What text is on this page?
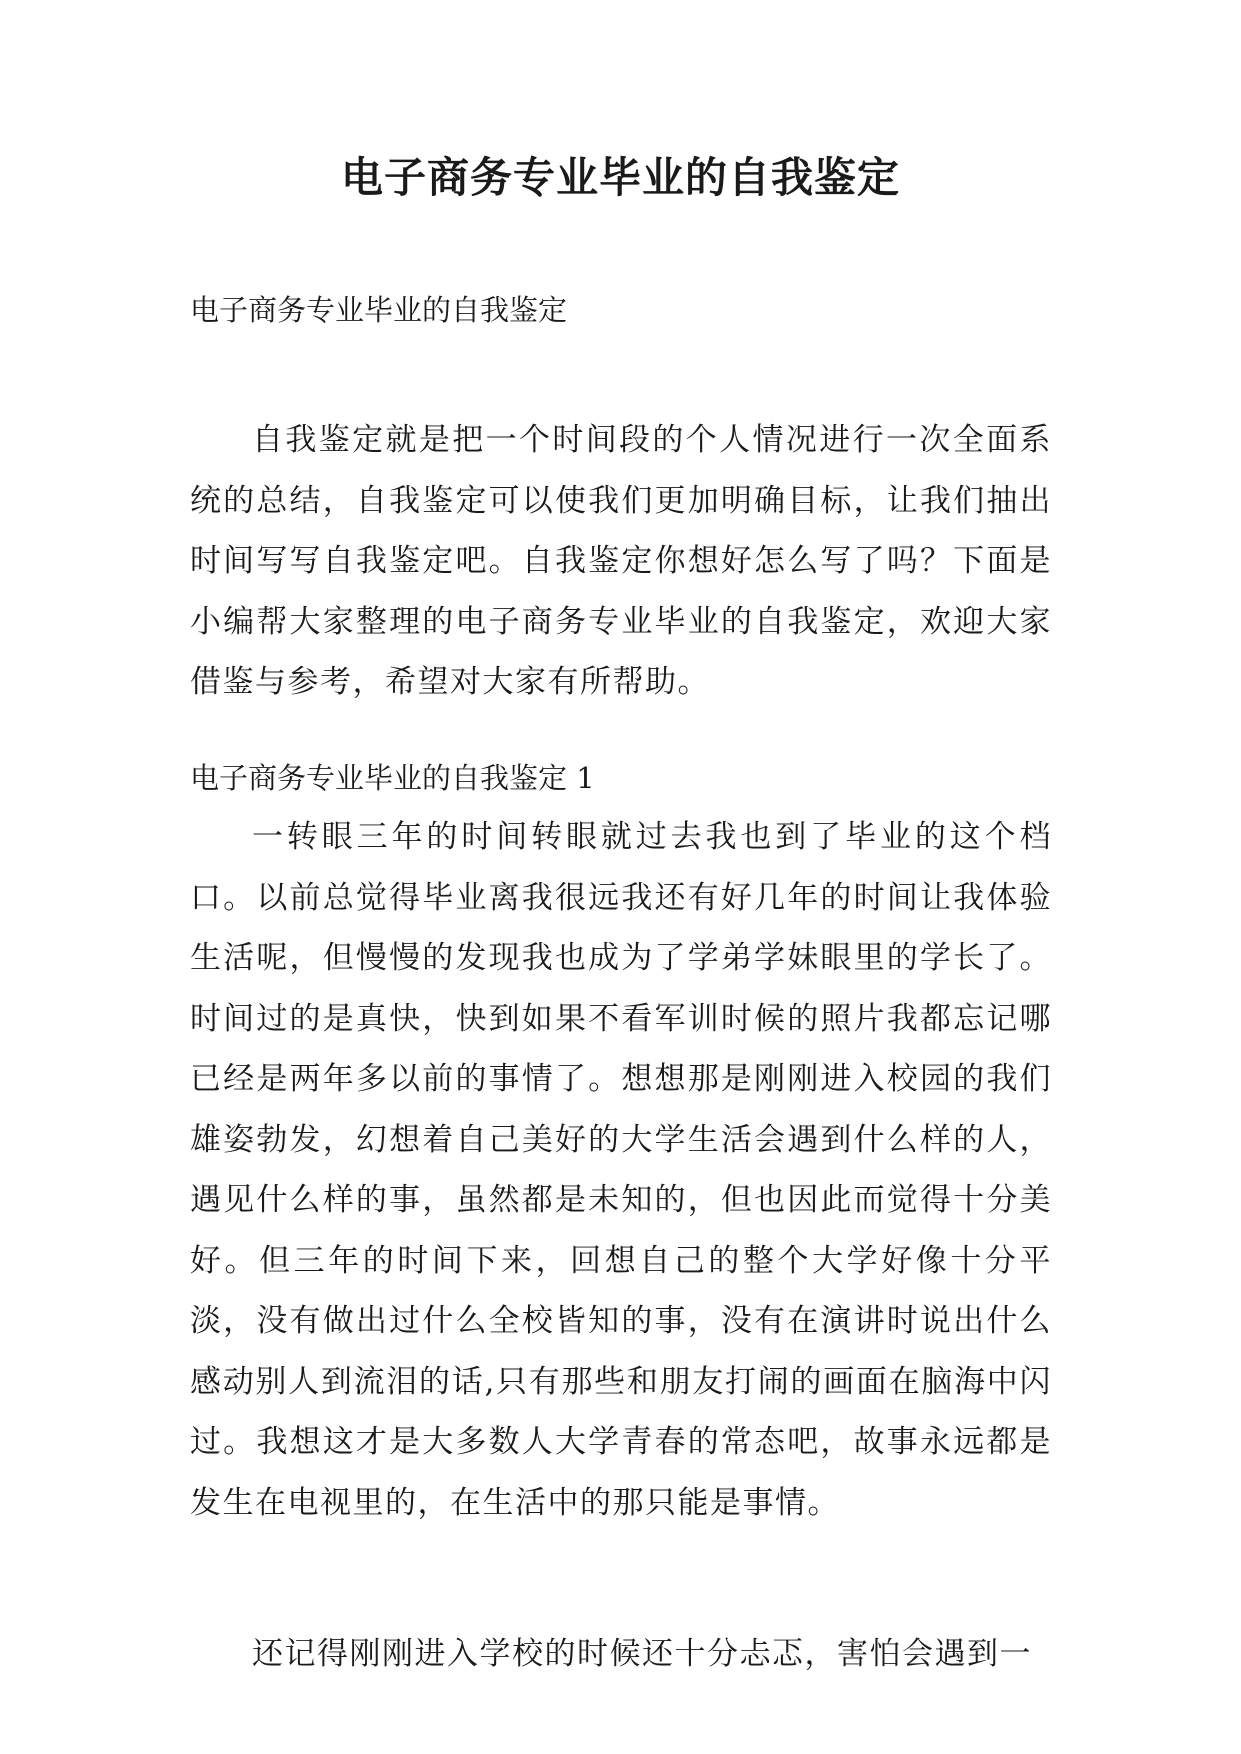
电子商务专业毕业的自我鉴定

电子商务专业毕业的自我鉴定

自我鉴定就是把一个时间段的个人情况进行一次全面系统的总结，自我鉴定可以使我们更加明确目标，让我们抽出时间写写自我鉴定吧。自我鉴定你想好怎么写了吗？下面是小编帮大家整理的电子商务专业毕业的自我鉴定，欢迎大家借鉴与参考，希望对大家有所帮助。

电子商务专业毕业的自我鉴定 1

一转眼三年的时间转眼就过去我也到了毕业的这个档口。以前总觉得毕业离我很远我还有好几年的时间让我体验生活呢，但慢慢的发现我也成为了学弟学妹眼里的学长了。时间过的是真快，快到如果不看军训时候的照片我都忘记哪已经是两年多以前的事情了。想想那是刚刚进入校园的我们雄姿勃发，幻想着自己美好的大学生活会遇到什么样的人，遇见什么样的事，虽然都是未知的，但也因此而觉得十分美好。但三年的时间下来，回想自己的整个大学好像十分平淡，没有做出过什么全校皆知的事，没有在演讲时说出什么感动别人到流泪的话,只有那些和朋友打闹的画面在脑海中闪过。我想这才是大多数人大学青春的常态吧，故事永远都是发生在电视里的，在生活中的那只能是事情。

还记得刚刚进入学校的时候还十分忐忑，害怕会遇到一
